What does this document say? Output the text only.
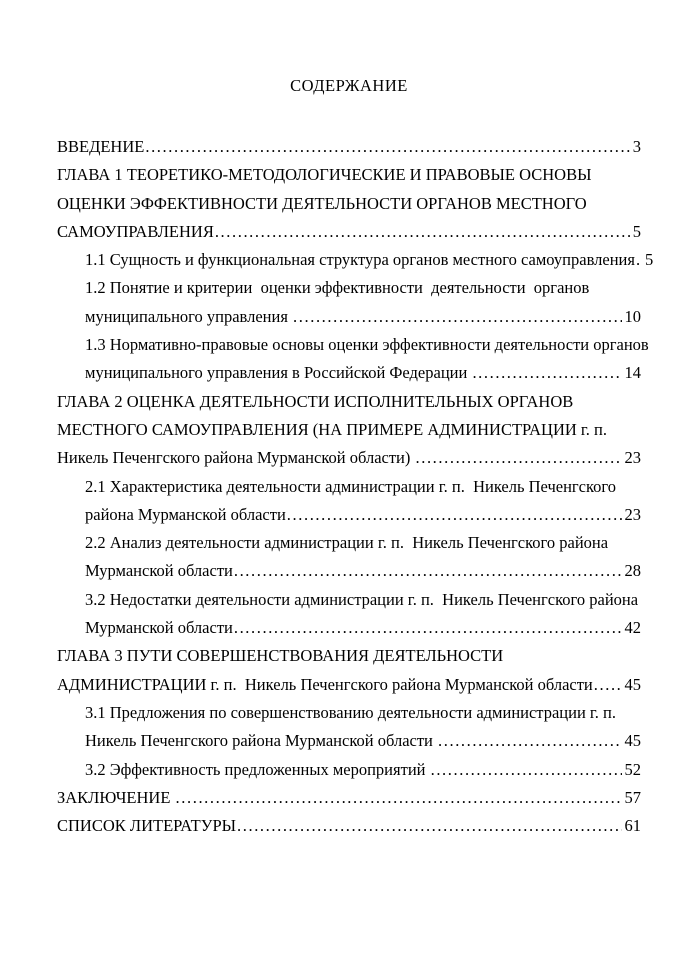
СОДЕРЖАНИЕ
ВВЕДЕНИЕ .....	3
ГЛАВА 1 ТЕОРЕТИКО-МЕТОДОЛОГИЧЕСКИЕ И ПРАВОВЫЕ ОСНОВЫ
ОЦЕНКИ ЭФФЕКТИВНОСТИ ДЕЯТЕЛЬНОСТИ ОРГАНОВ МЕСТНОГО
САМОУПРАВЛЕНИЯ .....	5
1.1 Сущность и функциональная структура органов местного самоуправления ..... 5
1.2 Понятие и критерии  оценки эффективности  деятельности  органов
муниципального управления .....	10
1.3 Нормативно-правовые основы оценки эффективности деятельности органов
муниципального управления в Российской Федерации .....	14
ГЛАВА 2 ОЦЕНКА ДЕЯТЕЛЬНОСТИ ИСПОЛНИТЕЛЬНЫХ ОРГАНОВ
МЕСТНОГО САМОУПРАВЛЕНИЯ (НА ПРИМЕРЕ АДМИНИСТРАЦИИ г. п.
Никель Печенгского района Мурманской области) .....	23
2.1 Характеристика деятельности администрации г. п.  Никель Печенгского
района Мурманской области .....	23
2.2 Анализ деятельности администрации г. п.  Никель Печенгского района
Мурманской области .....	28
3.2 Недостатки деятельности администрации г. п.  Никель Печенгского района
Мурманской области .....	42
ГЛАВА 3 ПУТИ СОВЕРШЕНСТВОВАНИЯ ДЕЯТЕЛЬНОСТИ
АДМИНИСТРАЦИИ г. п.  Никель Печенгского района Мурманской области ..... 45
3.1 Предложения по совершенствованию деятельности администрации г. п.
Никель Печенгского района Мурманской области .....	45
3.2 Эффективность предложенных мероприятий .....	52
ЗАКЛЮЧЕНИЕ .....	57
СПИСОК ЛИТЕРАТУРЫ .....	61
